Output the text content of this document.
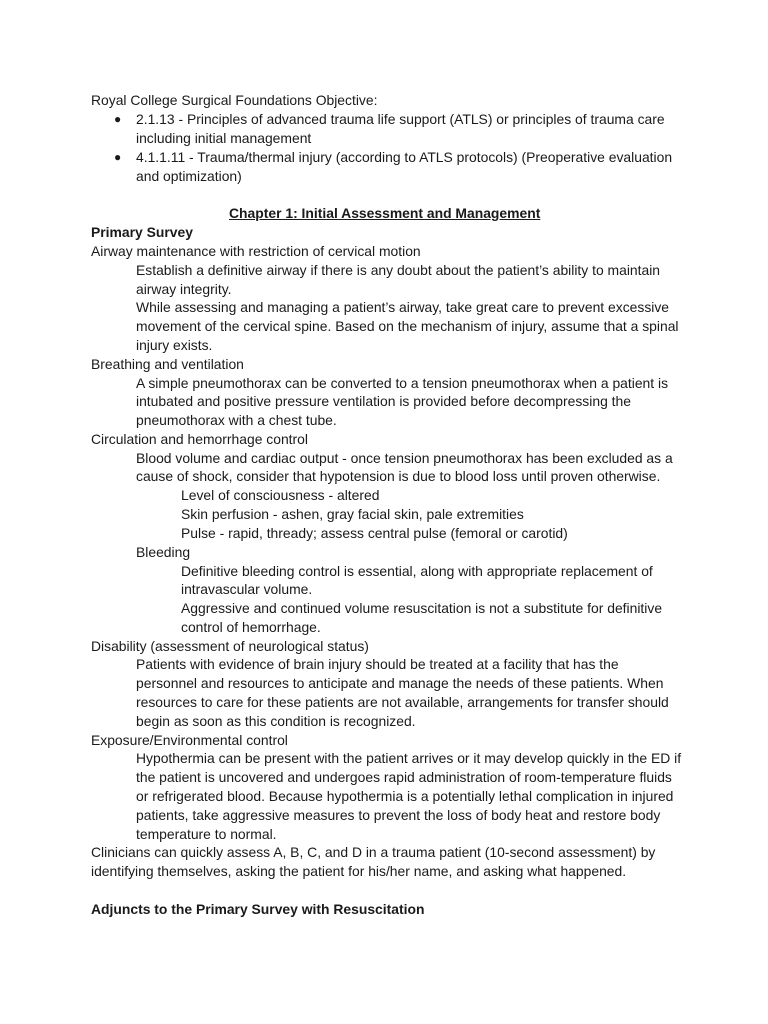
Royal College Surgical Foundations Objective:

● 2.1.13 - Principles of advanced trauma life support (ATLS) or principles of trauma care

including initial management

● 4.1.1.11 - Trauma/thermal injury (according to ATLS protocols) (Preoperative evaluation

and optimization)

Chapter 1: Initial Assessment and Management

Primary Survey

Airway maintenance with restriction of cervical motion

Establish a definitive airway if there is any doubt about the patient’s ability to maintain

airway integrity.

While assessing and managing a patient’s airway, take great care to prevent excessive

movement of the cervical spine. Based on the mechanism of injury, assume that a spinal

injury exists.

Breathing and ventilation

A simple pneumothorax can be converted to a tension pneumothorax when a patient is

intubated and positive pressure ventilation is provided before decompressing the

pneumothorax with a chest tube.

Circulation and hemorrhage control

Blood volume and cardiac output - once tension pneumothorax has been excluded as a

cause of shock, consider that hypotension is due to blood loss until proven otherwise.

Level of consciousness - altered

Skin perfusion - ashen, gray facial skin, pale extremities

Pulse - rapid, thready; assess central pulse (femoral or carotid)

Bleeding

Definitive bleeding control is essential, along with appropriate replacement of

intravascular volume.

Aggressive and continued volume resuscitation is not a substitute for definitive

control of hemorrhage.

Disability (assessment of neurological status)

Patients with evidence of brain injury should be treated at a facility that has the

personnel and resources to anticipate and manage the needs of these patients. When

resources to care for these patients are not available, arrangements for transfer should

begin as soon as this condition is recognized.

Exposure/Environmental control

Hypothermia can be present with the patient arrives or it may develop quickly in the ED if

the patient is uncovered and undergoes rapid administration of room-temperature fluids

or refrigerated blood. Because hypothermia is a potentially lethal complication in injured

patients, take aggressive measures to prevent the loss of body heat and restore body

temperature to normal.

Clinicians can quickly assess A, B, C, and D in a trauma patient (10-second assessment) by

identifying themselves, asking the patient for his/her name, and asking what happened.

Adjuncts to the Primary Survey with Resuscitation
